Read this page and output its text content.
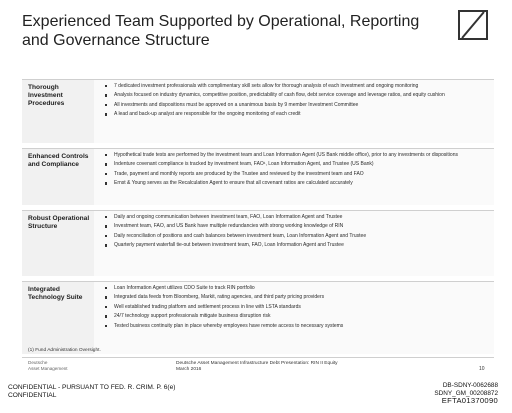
Experienced Team Supported by Operational, Reporting and Governance Structure
Thorough Investment Procedures
7 dedicated investment professionals with complimentary skill sets allow for thorough analysis of each investment and ongoing monitoring
Analysis focused on industry dynamics, competitive position, predictability of cash flow, debt service coverage and leverage ratios, and equity cushion
All investments and dispositions must be approved on a unanimous basis by 9 member Investment Committee
A lead and back-up analyst are responsible for the ongoing monitoring of each credit
Enhanced Controls and Compliance
Hypothetical trade tests are performed by the investment team and Loan Information Agent (US Bank middle office), prior to any investments or dispositions
Indenture covenant compliance is tracked by investment team, FAO¹, Loan Information Agent, and Trustee (US Bank)
Trade, payment and monthly reports are produced by the Trustee and reviewed by the investment team and FAO
Ernst & Young serves as the Recalculation Agent to ensure that all covenant ratios are calculated accurately
Robust Operational Structure
Daily and ongoing communication between investment team, FAO, Loan Information Agent and Trustee
Investment team, FAO, and US Bank have multiple redundancies with strong working knowledge of RIN
Daily reconciliation of positions and cash balances between investment team, Loan Information Agent and Trustee
Quarterly payment waterfall tie-out between investment team, FAO, Loan Information Agent and Trustee
Integrated Technology Suite
Loan Information Agent utilizes CDO Suite to track RIN portfolio
Integrated data feeds from Bloomberg, Markit, rating agencies, and third party pricing providers
Well established trading platform and settlement process in line with LSTA standards
24/7 technology support professionals mitigate business disruption risk
Tested business continuity plan in place whereby employees have remote access to necessary systems
(1) Fund Administration Oversight.
Deutsche
Asset Management
Deutsche Asset Management Infrastructure Debt Presentation: RIN II Equity
March 2016	10
CONFIDENTIAL - PURSUANT TO FED. R. CRIM. P. 6(e)
CONFIDENTIAL
DB-SDNY-0062688
SDNY_GM_00208872
EFTA01370090
